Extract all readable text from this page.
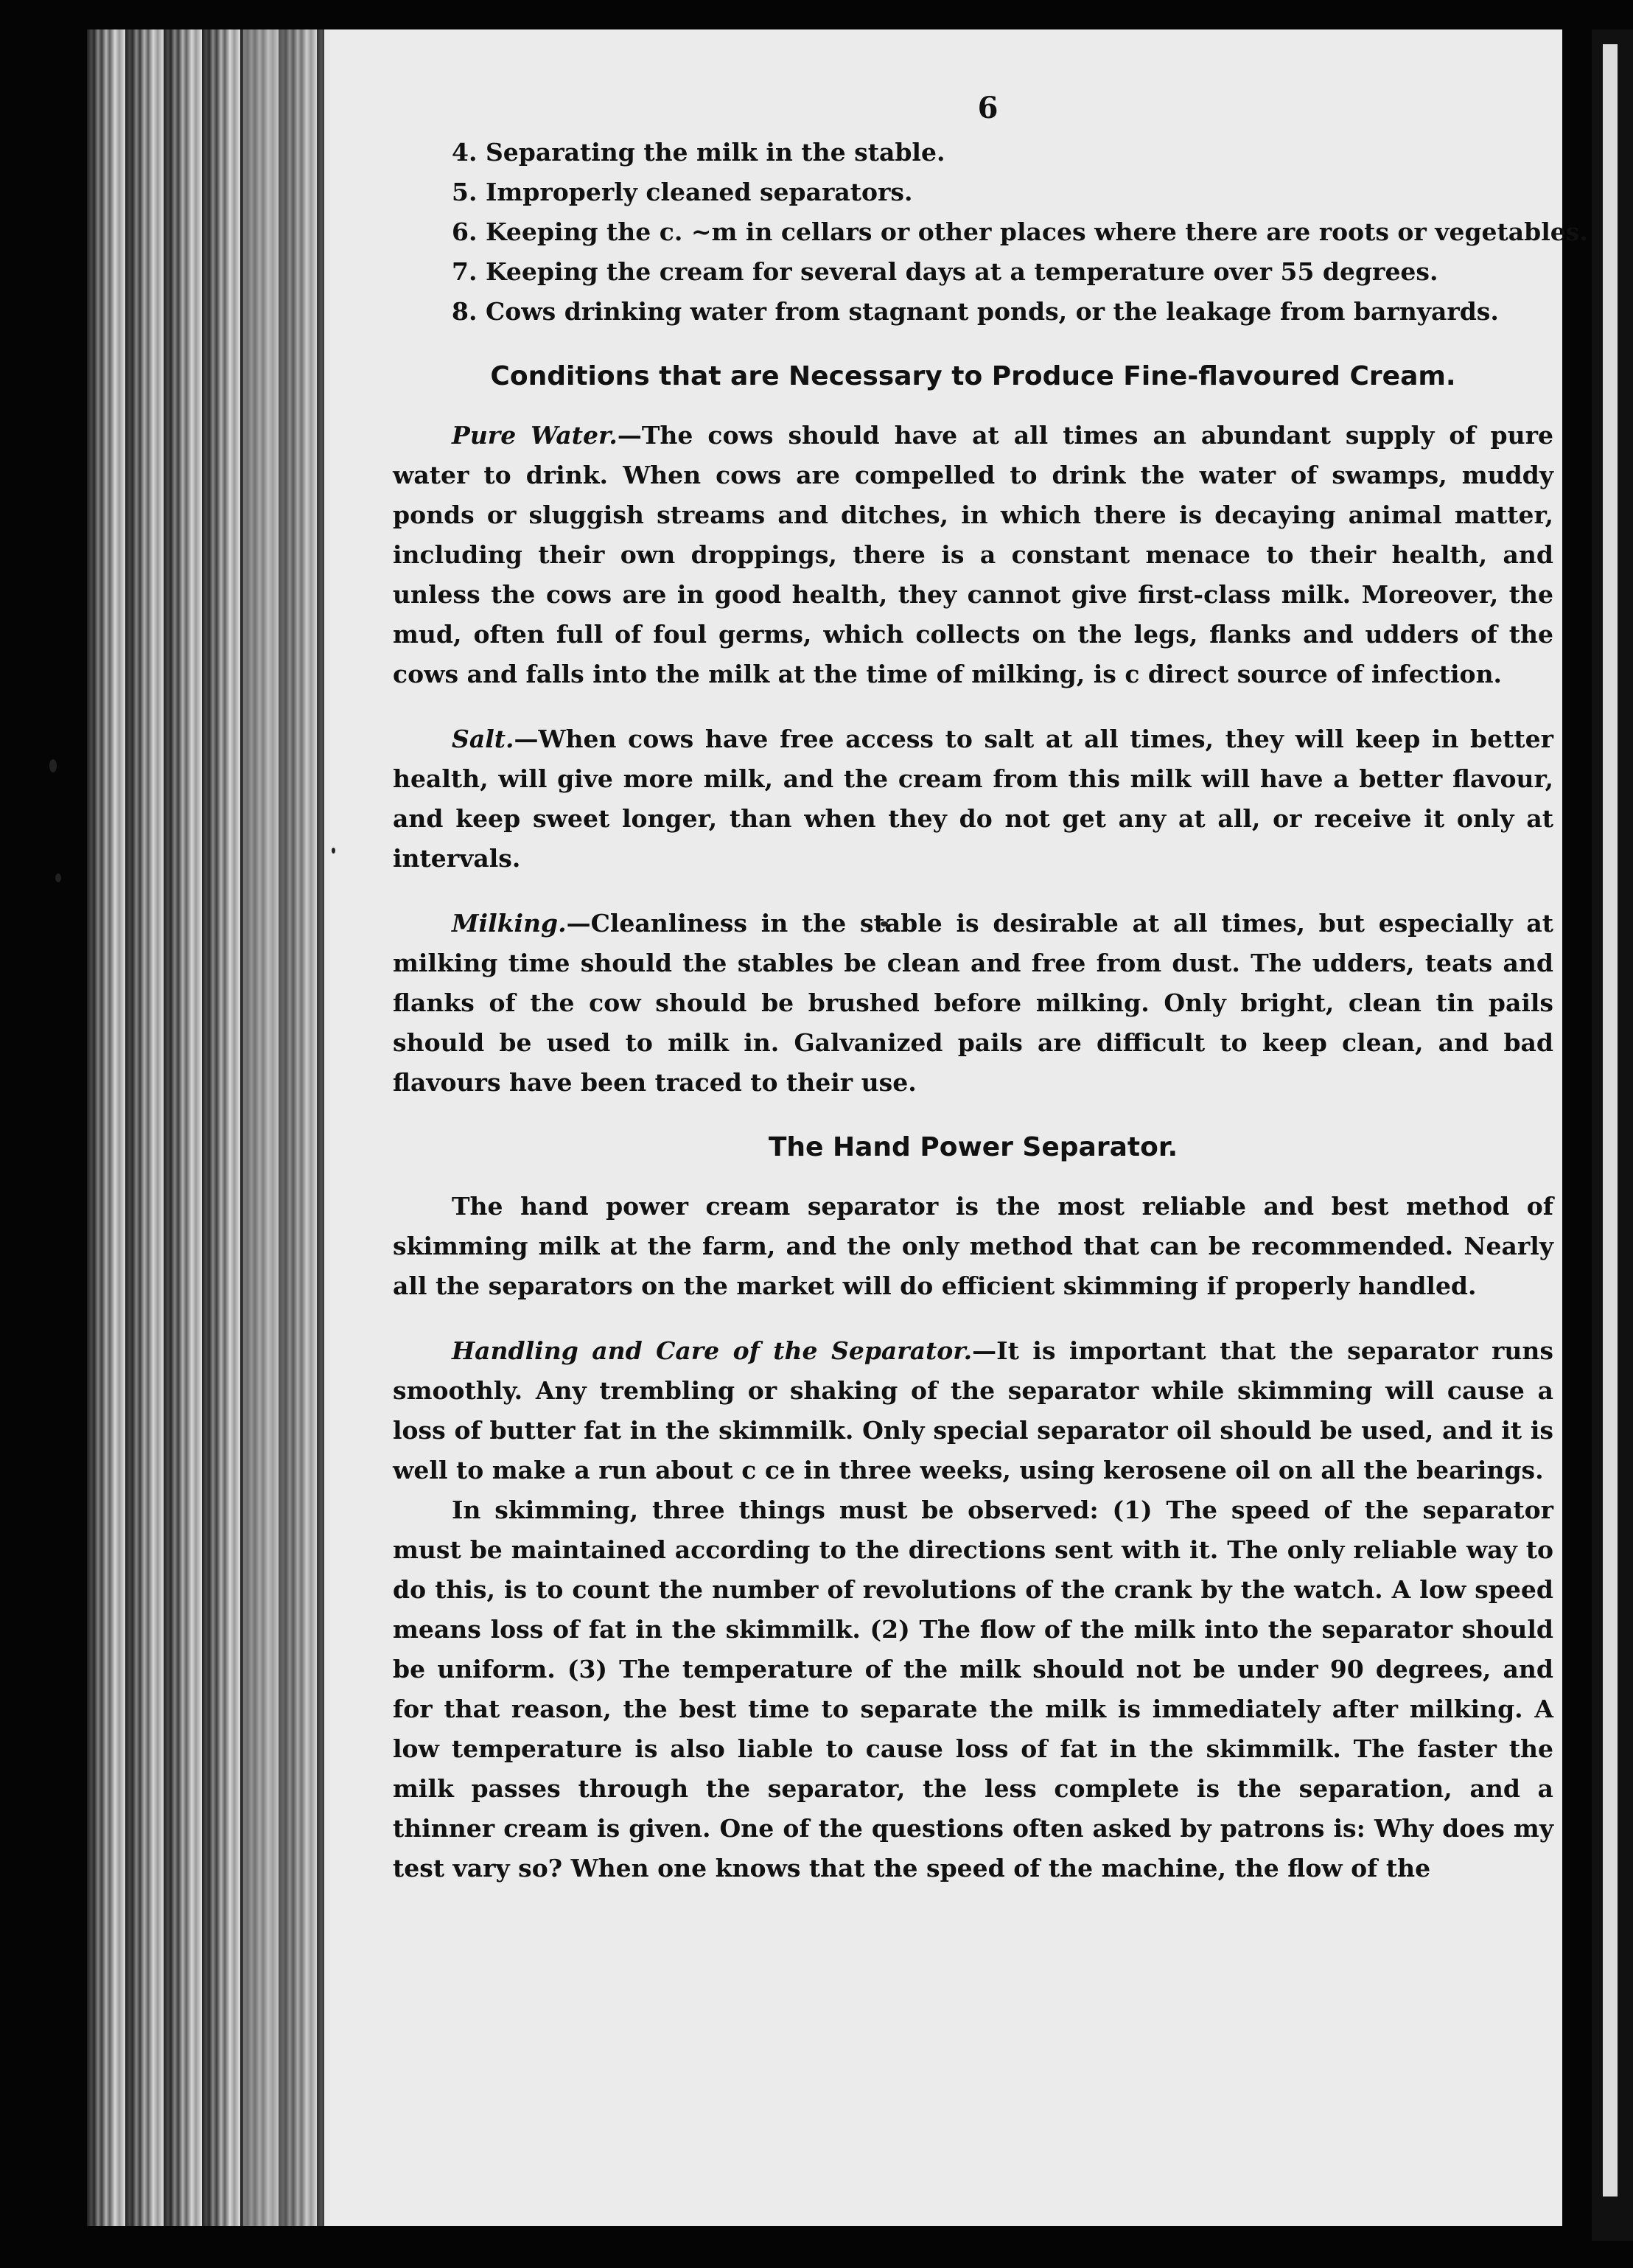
6
4. Separating the milk in the stable.
5. Improperly cleaned separators.
6. Keeping the c. ~m in cellars or other places where there are roots or vegetables.
7. Keeping the cream for several days at a temperature over 55 degrees.
8. Cows drinking water from stagnant ponds, or the leakage from barnyards.
Conditions that are Necessary to Produce Fine-flavoured Cream.

Pure Water.—The cows should have at all times an abundant supply of pure water to drink. When cows are compelled to drink the water of swamps, muddy ponds or sluggish streams and ditches, in which there is decaying animal matter, including their own droppings, there is a constant menace to their health, and unless the cows are in good health, they cannot give first-class milk. Moreover, the mud, often full of foul germs, which collects on the legs, flanks and udders of the cows and falls into the milk at the time of milking, is c direct source of infection.

Salt.—When cows have free access to salt at all times, they will keep in better health, will give more milk, and the cream from this milk will have a better flavour, and keep sweet longer, than when they do not get any at all, or receive it only at intervals.

Milking.—Cleanliness in the stable is desirable at all times, but especially at milking time should the stables be clean and free from dust. The udders, teats and flanks of the cow should be brushed before milking. Only bright, clean tin pails should be used to milk in. Galvanized pails are difficult to keep clean, and bad flavours have been traced to their use.

The Hand Power Separator.

The hand power cream separator is the most reliable and best method of skimming milk at the farm, and the only method that can be recommended. Nearly all the separators on the market will do efficient skimming if properly handled.

Handling and Care of the Separator.—It is important that the separator runs smoothly. Any trembling or shaking of the separator while skimming will cause a loss of butter fat in the skimmilk. Only special separator oil should be used, and it is well to make a run about c ce in three weeks, using kerosene oil on all the bearings.

In skimming, three things must be observed: (1) The speed of the separator must be maintained according to the directions sent with it. The only reliable way to do this, is to count the number of revolutions of the crank by the watch. A low speed means loss of fat in the skimmilk. (2) The flow of the milk into the separator should be uniform. (3) The temperature of the milk should not be under 90 degrees, and for that reason, the best time to separate the milk is immediately after milking. A low temperature is also liable to cause loss of fat in the skimmilk. The faster the milk passes through the separator, the less complete is the separation, and a thinner cream is given. One of the questions often asked by patrons is: Why does my test vary so? When one knows that the speed of the machine, the flow of the
